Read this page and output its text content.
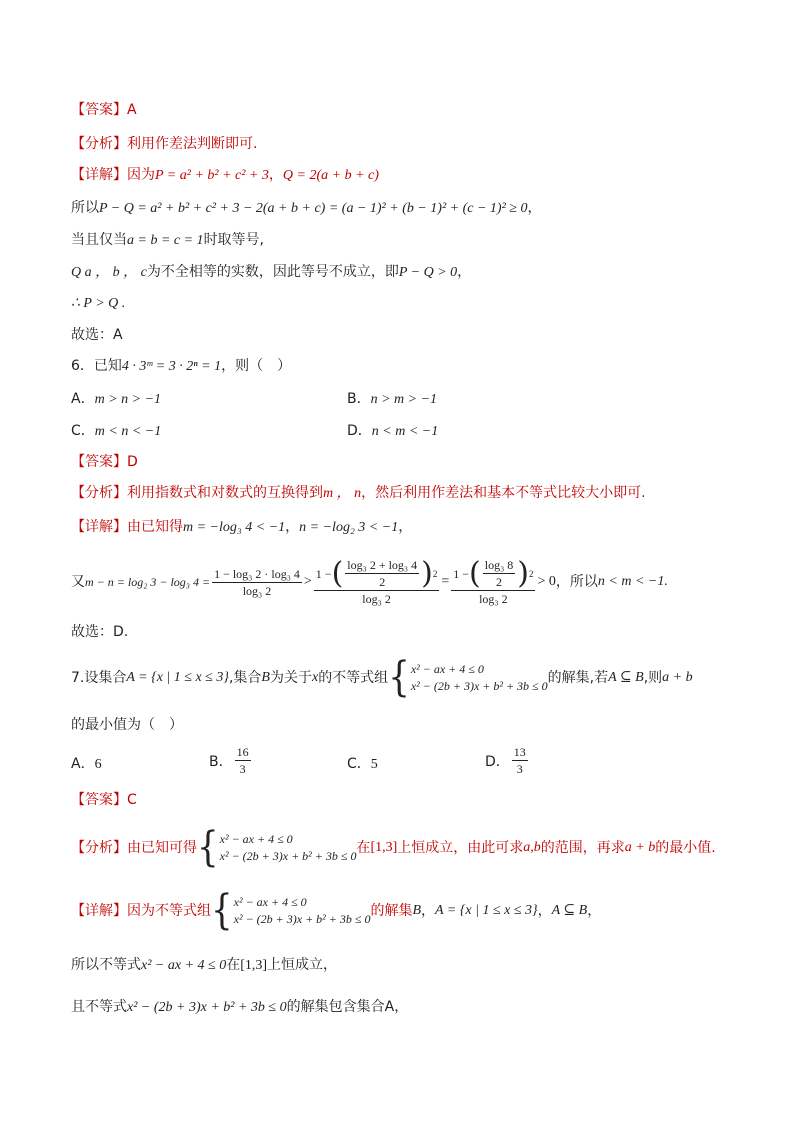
【答案】A
【分析】利用作差法判断即可.
【详解】因为P = a² + b² + c² + 3，Q = 2(a + b + c)
所以P − Q = a² + b² + c² + 3 − 2(a + b + c) = (a − 1)² + (b − 1)² + (c − 1)² ≥ 0，
当且仅当a = b = c = 1时取等号,
Q a ， b ， c为不全相等的实数，因此等号不成立，即P − Q > 0，
∴ P > Q .
故选：A
6．已知4 · 3ᵐ = 3 · 2ⁿ = 1，则（　）
A．m > n > −1	B．n > m > −1
C．m < n < −1	D．n < m < −1
【答案】D
【分析】利用指数式和对数式的互换得到m ， n，然后利用作差法和基本不等式比较大小即可.
【详解】由已知得m = −log₃ 4 < −1，n = −log₂ 3 < −1，
又 m − n = log₂ 3 − log₃ $4 = \frac{\text{1 − log₃ 2 · log₃ 4}}{\text{log₃ 2}}$ >
1 − ( $\frac{\text{log₃ 2 + log₃ 4}}{2}$ ) 2
log₃ 2
= $\frac{1 - ( \frac{\text{log₃ 8}}{2} ) 2}{\text{log₃ 2}} > 0$ ，所以 n < m < −1.
故选：D.
7.设集合 A = {x | 1 ≤ x ≤ 3} ,集合 B 为关于 x 的不等式组 { x² − ax + 4 ≤ 0
x² − (2b + 3)x + b² + 3b ≤ 0 的解集,若 A ⊆ B ,则 a + b
的最小值为（　）
A．6	B． $\frac{16}{3}$	C．5	D． $\frac{13}{3}$
【答案】C
【分析】 由已知可得 { x² − ax + 4 ≤ 0
x² − (2b + 3)x + b² + 3b ≤ 0 在 [1,3] 上恒成立，由此可求 a,b 的范围，再求 a + b 的最小值.
【详解】 因为不等式组 { x² − ax + 4 ≤ 0
x² − (2b + 3)x + b² + 3b ≤ 0 的解集 B ， A = {x | 1 ≤ x ≤ 3} ， A ⊆ B ，
所以不等式x² − ax + 4 ≤ 0在[1,3]上恒成立，
且不等式x² − (2b + 3)x + b² + 3b ≤ 0的解集包含集合A，
